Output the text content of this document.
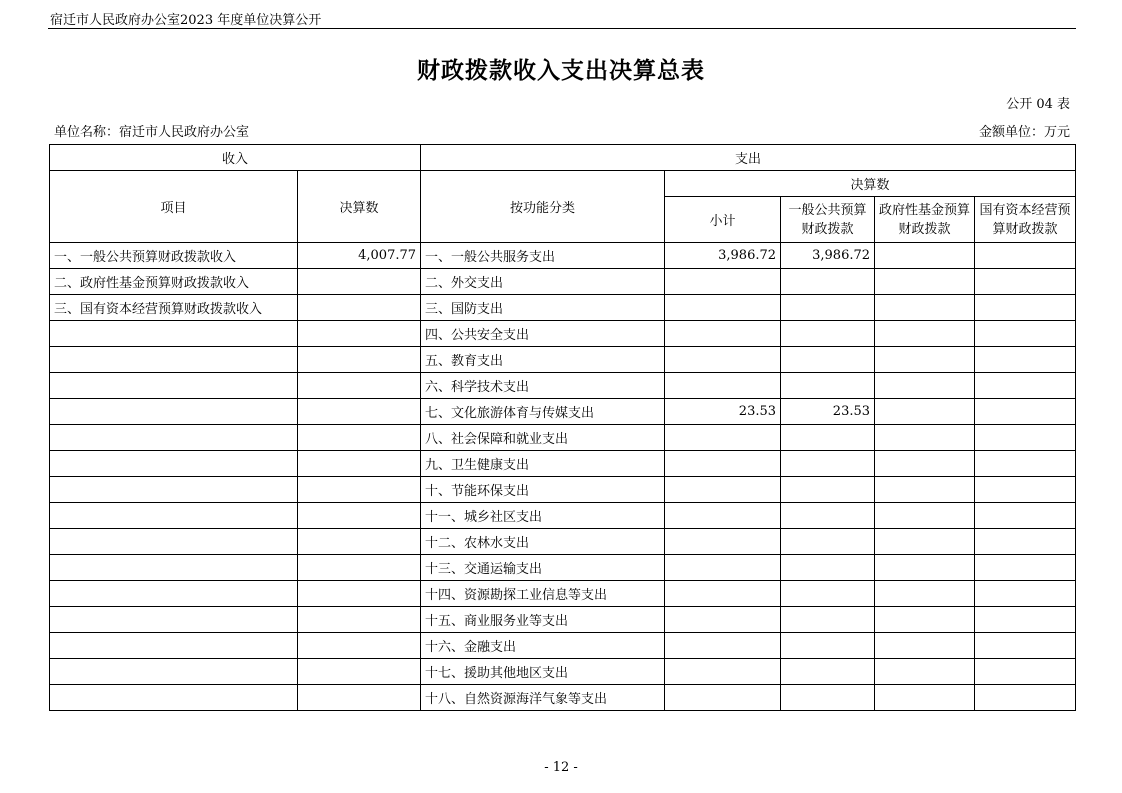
宿迁市人民政府办公室2023 年度单位决算公开
财政拨款收入支出决算总表
公开 04 表
单位名称：宿迁市人民政府办公室	金额单位：万元
收入		支出				
项目	决算数	按功能分类	决算数			
			小计	一般公共预算财政拨款	政府性基金预算财政拨款	国有资本经营预算财政拨款
一、一般公共预算财政拨款收入	4,007.77	一、一般公共服务支出	3,986.72	3,986.72		
二、政府性基金预算财政拨款收入		二、外交支出				
三、国有资本经营预算财政拨款收入		三、国防支出				
		四、公共安全支出				
		五、教育支出				
		六、科学技术支出				
		七、文化旅游体育与传媒支出	23.53	23.53		
		八、社会保障和就业支出				
		九、卫生健康支出				
		十、节能环保支出				
		十一、城乡社区支出				
		十二、农林水支出				
		十三、交通运输支出				
		十四、资源勘探工业信息等支出				
		十五、商业服务业等支出				
		十六、金融支出				
		十七、援助其他地区支出				
		十八、自然资源海洋气象等支出				
- 12 -
